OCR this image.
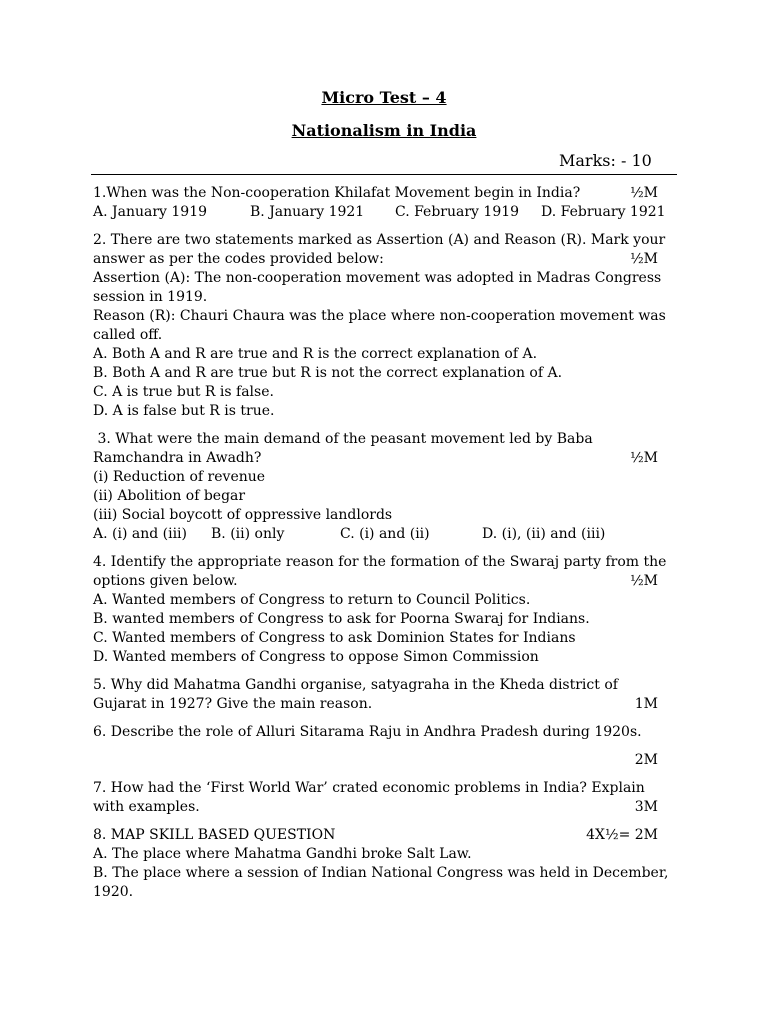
Micro Test – 4
Nationalism in India
Marks: - 10
1.When was the Non-cooperation Khilafat Movement begin in India?	½M
A. January 1919	B. January 1921 C. February 1919 D. February 1921
2. There are two statements marked as Assertion (A) and Reason (R). Mark your
answer as per the codes provided below:	½M
Assertion (A): The non-cooperation movement was adopted in Madras Congress session in 1919.
Reason (R): Chauri Chaura was the place where non-cooperation movement was called off.
A. Both A and R are true and R is the correct explanation of A.
B. Both A and R are true but R is not the correct explanation of A.
C. A is true but R is false.
D. A is false but R is true.
3. What were the main demand of the peasant movement led by Baba
Ramchandra in Awadh?	½M
(i) Reduction of revenue
(ii) Abolition of begar
(iii) Social boycott of oppressive landlords
A. (i) and (iii) B. (ii) only	C. (i) and (ii)	D. (i), (ii) and (iii)
4. Identify the appropriate reason for the formation of the Swaraj party from the
options given below.	½M
A. Wanted members of Congress to return to Council Politics.
B. wanted members of Congress to ask for Poorna Swaraj for Indians.
C. Wanted members of Congress to ask Dominion States for Indians
D. Wanted members of Congress to oppose Simon Commission
5. Why did Mahatma Gandhi organise, satyagraha in the Kheda district of
Gujarat in 1927? Give the main reason.	1M
6. Describe the role of Alluri Sitarama Raju in Andhra Pradesh during 1920s.
2M
7. How had the ‘First World War’ crated economic problems in India? Explain
with examples.	3M
8. MAP SKILL BASED QUESTION	4X½= 2M
A. The place where Mahatma Gandhi broke Salt Law.
B. The place where a session of Indian National Congress was held in December, 1920.
